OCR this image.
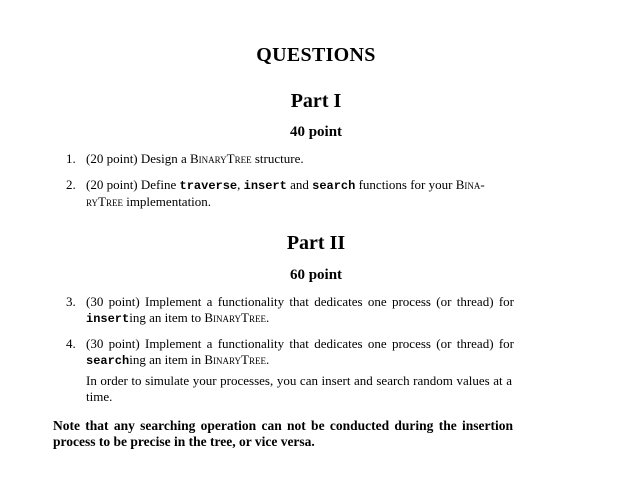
QUESTIONS
Part I
40 point
1. (20 point) Design a BinaryTree structure.
2. (20 point) Define traverse, insert and search functions for your Bina-ryTree implementation.
Part II
60 point
3. (30 point) Implement a functionality that dedicates one process (or thread) for inserting an item to BinaryTree.
4. (30 point) Implement a functionality that dedicates one process (or thread) for searching an item in BinaryTree.
In order to simulate your processes, you can insert and search random values at a time.
Note that any searching operation can not be conducted during the insertion process to be precise in the tree, or vice versa.
